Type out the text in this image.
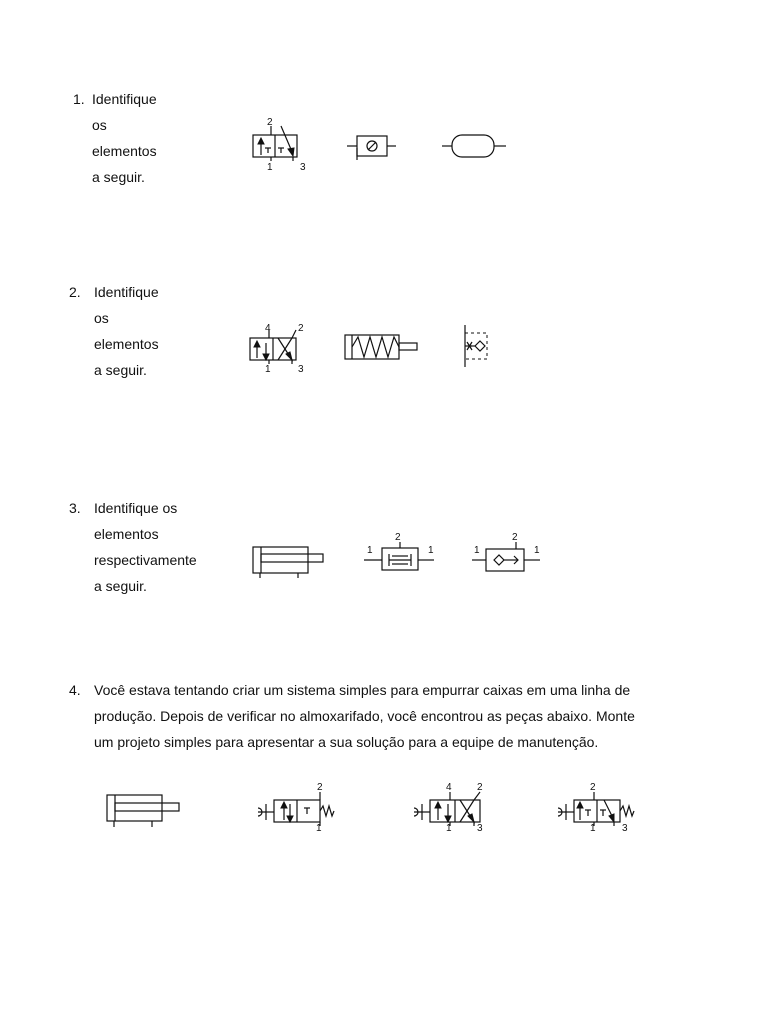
1. Identifique os elementos a seguir.
2
1	3
2. Identifique os elementos a seguir.
4	2
1	3
3. Identifique os elementos respectivamente a seguir.
2
1	1
2
1	1
4. Você estava tentando criar um sistema simples para empurrar caixas em uma linha de
produção. Depois de verificar no almoxarifado, você encontrou as peças abaixo. Monte
um projeto simples para apresentar a sua solução para a equipe de manutenção.
2
1
4	2
1	3
2
1	3
